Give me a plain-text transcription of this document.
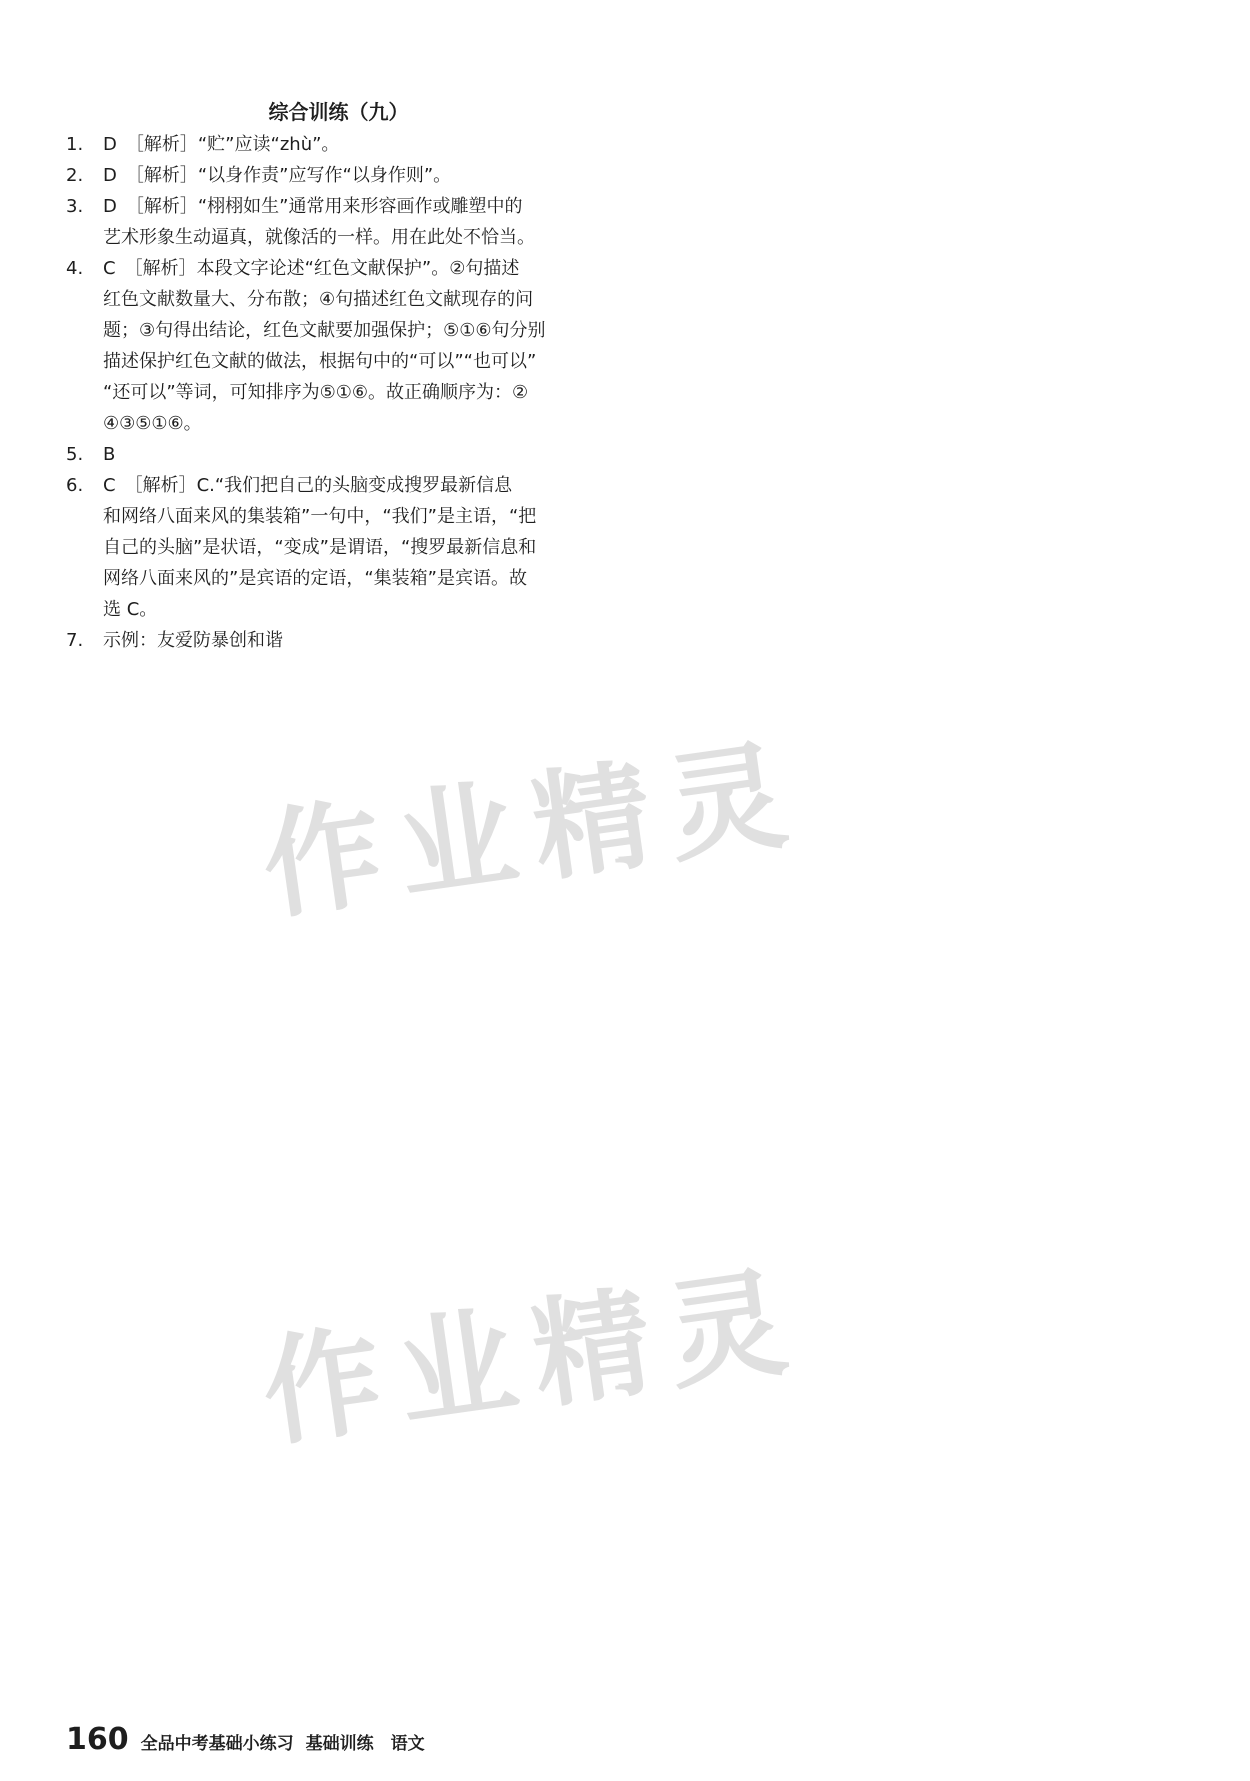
综合训练（九）

1.	D　［解析］“贮”应读“zhù”。
2.	D　［解析］“以身作责”应写作“以身作则”。
3.	D　［解析］“栩栩如生”通常用来形容画作或雕塑中的
艺术形象生动逼真，就像活的一样。用在此处不恰当。
4.	C　［解析］本段文字论述“红色文献保护”。②句描述
红色文献数量大、分布散；④句描述红色文献现存的问
题；③句得出结论，红色文献要加强保护；⑤①⑥句分别
描述保护红色文献的做法，根据句中的“可以”“也可以”
“还可以”等词，可知排序为⑤①⑥。故正确顺序为：②
④③⑤①⑥。
5.	B
6.	C　［解析］C.“我们把自己的头脑变成搜罗最新信息
和网络八面来风的集装箱”一句中，“我们”是主语，“把
自己的头脑”是状语，“变成”是谓语，“搜罗最新信息和
网络八面来风的”是宾语的定语，“集装箱”是宾语。故
选 C。
7.	示例：友爱防暴创和谐
作业精灵
作业精灵
160 全品中考基础小练习 基础训练　语文
